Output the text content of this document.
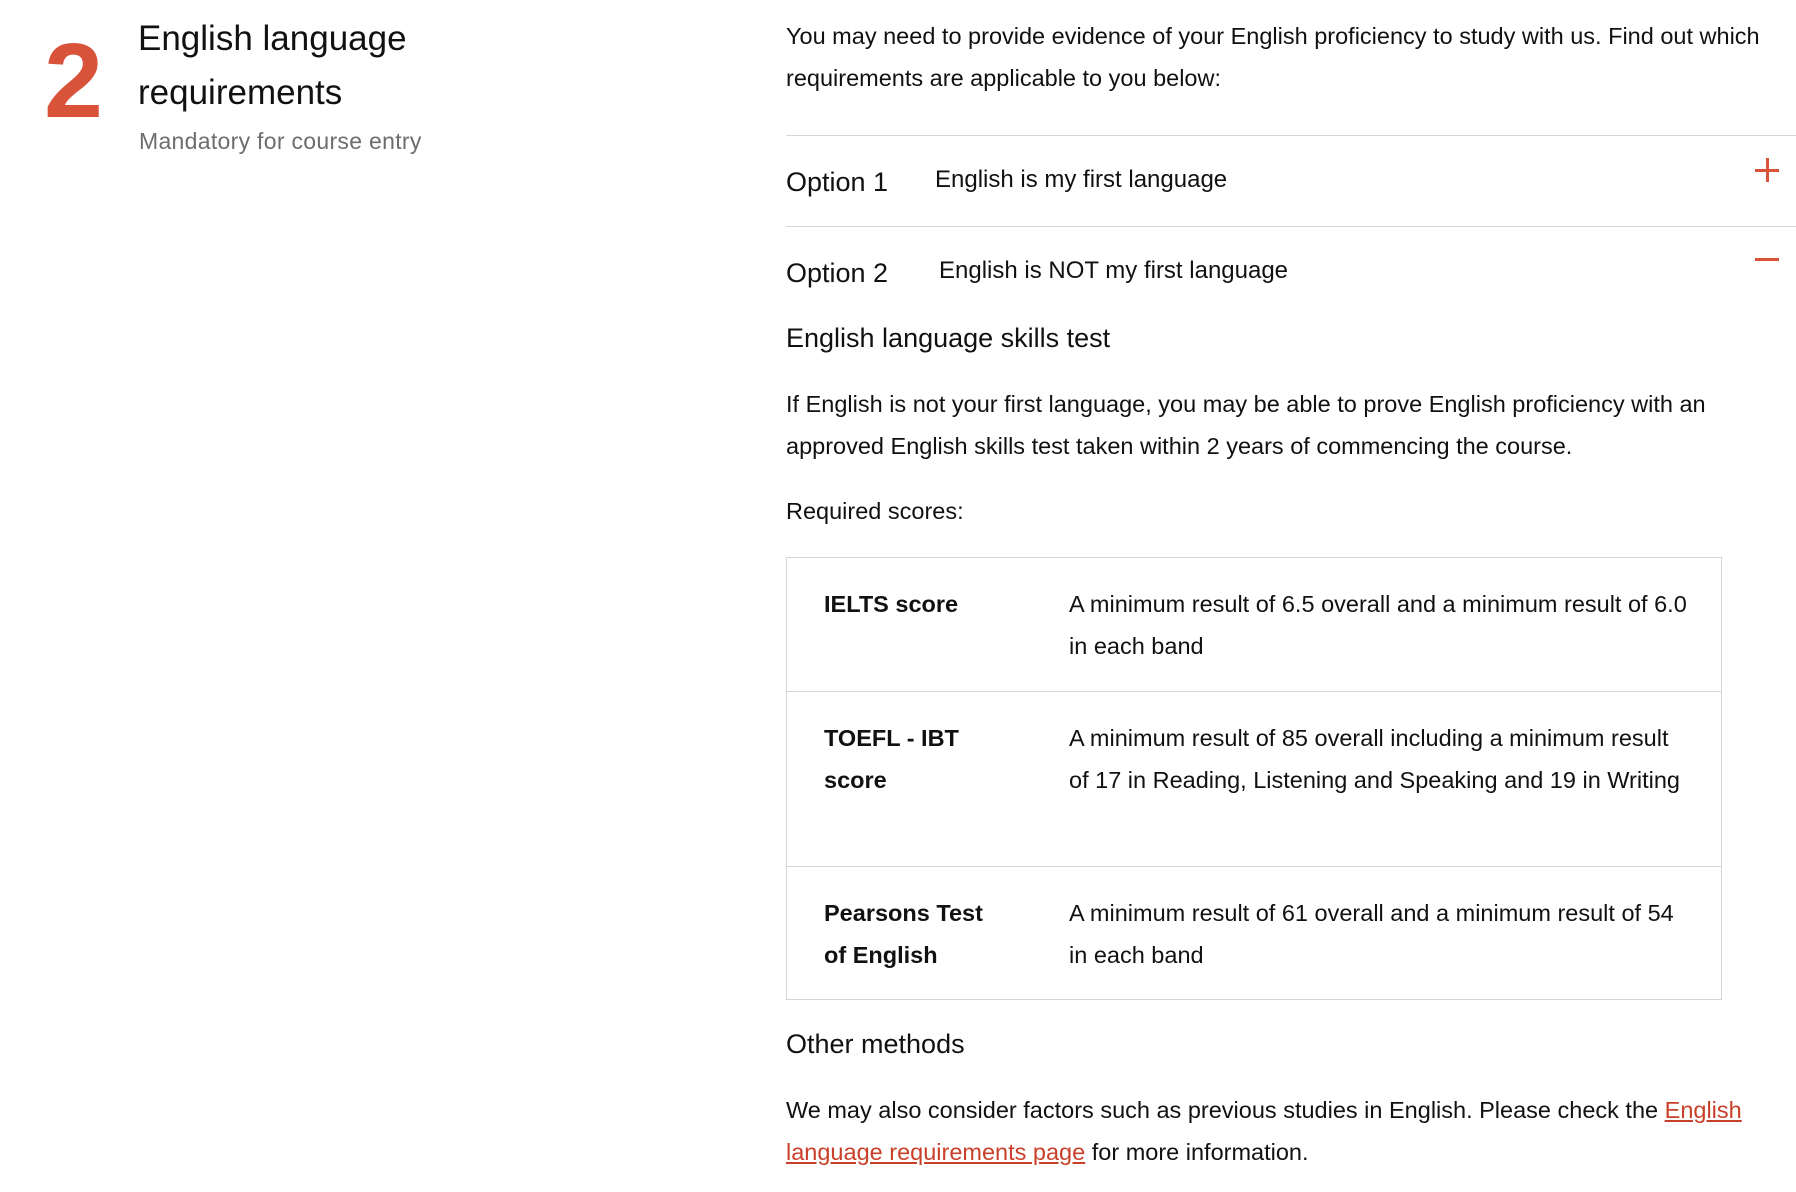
2 English language requirements
Mandatory for course entry
You may need to provide evidence of your English proficiency to study with us. Find out which requirements are applicable to you below:
Option 1 English is my first language
Option 2 English is NOT my first language
English language skills test
If English is not your first language, you may be able to prove English proficiency with an approved English skills test taken within 2 years of commencing the course.
Required scores:
IELTS score	A minimum result of 6.5 overall and a minimum result of 6.0 in each band
TOEFL - IBT score
A minimum result of 85 overall including a minimum result of 17 in Reading, Listening and Speaking and 19 in Writing
Pearsons Test of English
A minimum result of 61 overall and a minimum result of 54 in each band
Other methods
We may also consider factors such as previous studies in English. Please check the English language requirements page for more information.
